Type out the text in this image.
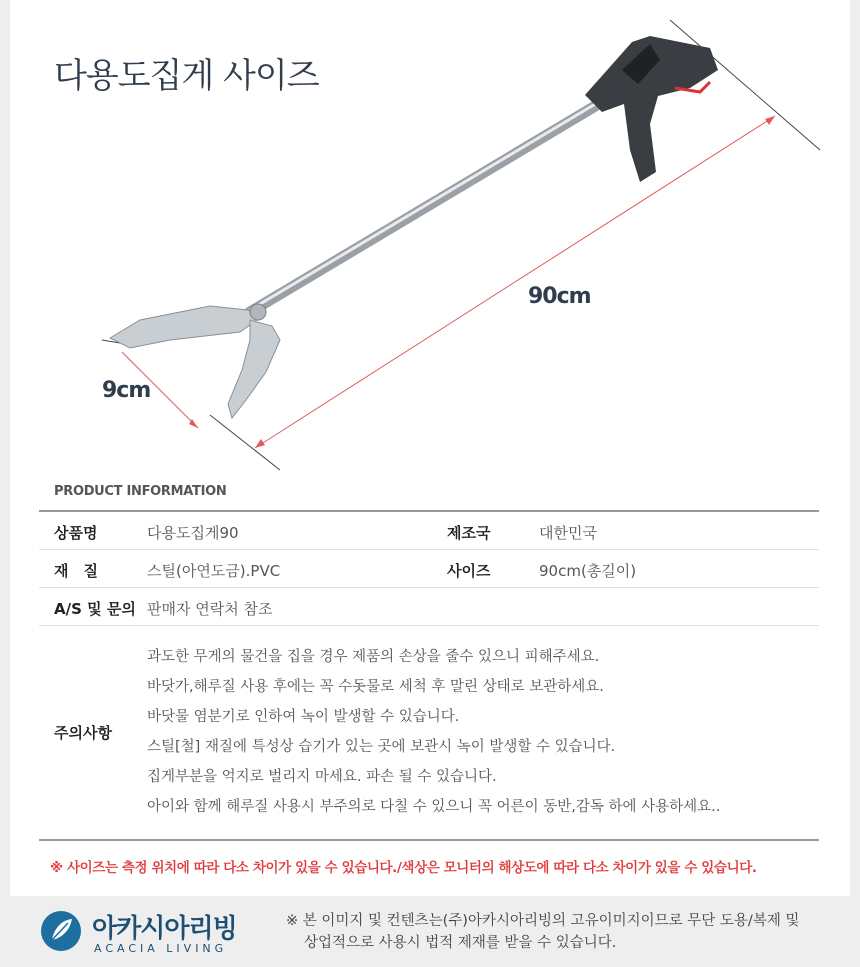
다용도집게 사이즈
90cm
9cm
PRODUCT INFORMATION
상품명	다용도집게90	제조국	대한민국
재　질	스틸(아연도금).PVC	사이즈	90cm(총길이)
A/S 및 문의 판매자 연락처 참조
주의사항
과도한 무게의 물건을 집을 경우 제품의 손상을 줄수 있으니 피해주세요.
바닷가,해루질 사용 후에는 꼭 수돗물로 세척 후 말린 상태로 보관하세요.
바닷물 염분기로 인하여 녹이 발생할 수 있습니다.
스틸[철] 재질에 특성상 습기가 있는 곳에 보관시 녹이 발생할 수 있습니다.
집게부분을 억지로 벌리지 마세요. 파손 될 수 있습니다.
아이와 함께 해루질 사용시 부주의로 다칠 수 있으니 꼭 어른이 동반,감독 하에 사용하세요..
※ 사이즈는 측정 위치에 따라 다소 차이가 있을 수 있습니다./색상은 모니터의 해상도에 따라 다소 차이가 있을 수 있습니다.
아카시아리빙
ACACIA LIVING
※ 본 이미지 및 컨텐츠는(주)아카시아리빙의 고유이미지이므로 무단 도용/복제 및
상업적으로 사용시 법적 제재를 받을 수 있습니다.
